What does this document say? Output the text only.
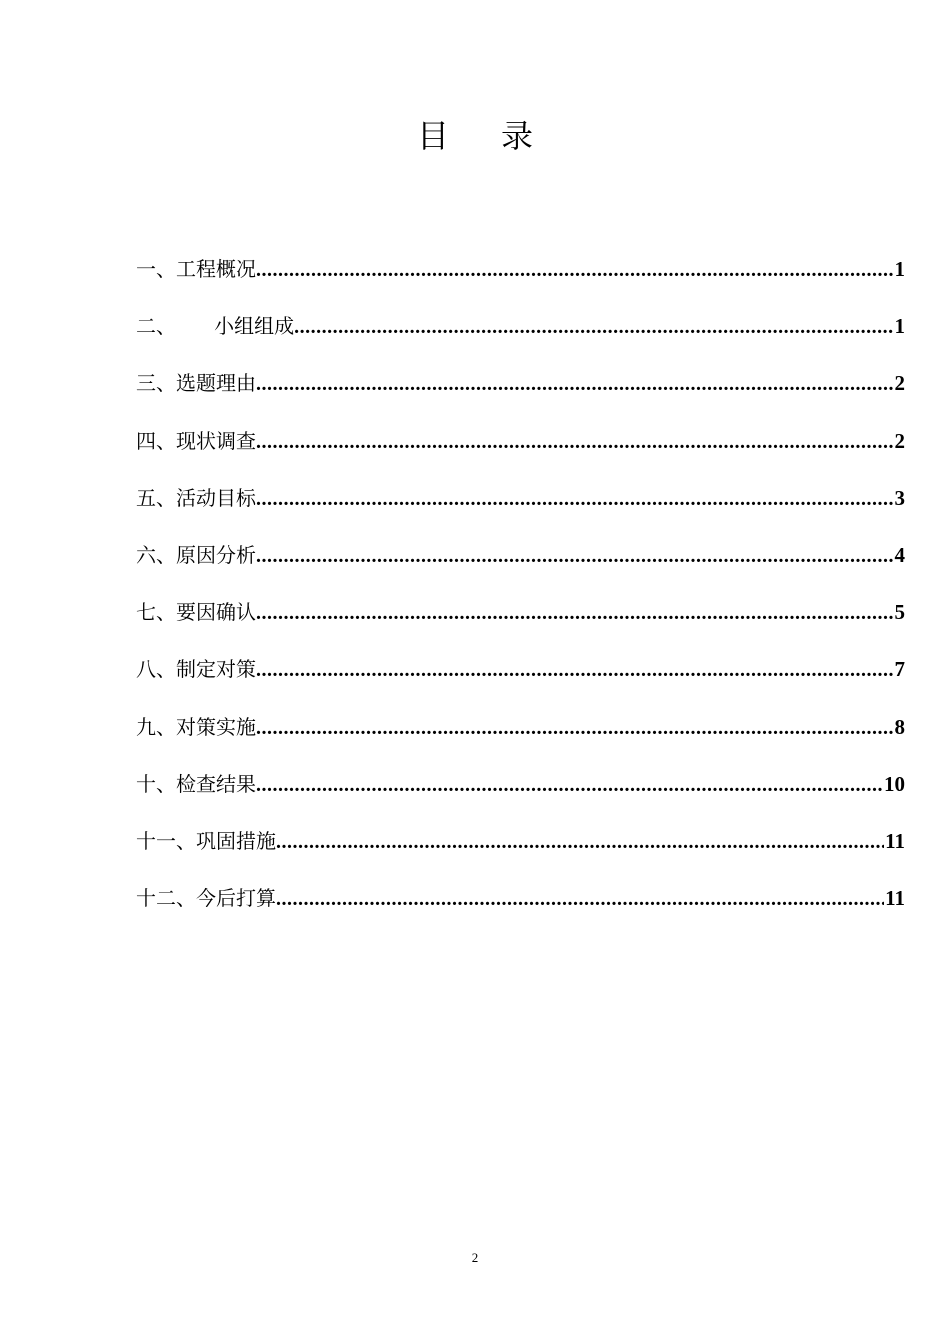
目 录
一、工程概况 .....	1
二、      小组组成 .....	1
三、选题理由 .....	2
四、现状调查 .....	2
五、活动目标 .....	3
六、原因分析 .....	4
七、要因确认 .....	5
八、制定对策 .....	7
九、对策实施 .....	8
十、检查结果 .....	10
十一、巩固措施 .....	11
十二、今后打算 .....	11
2
